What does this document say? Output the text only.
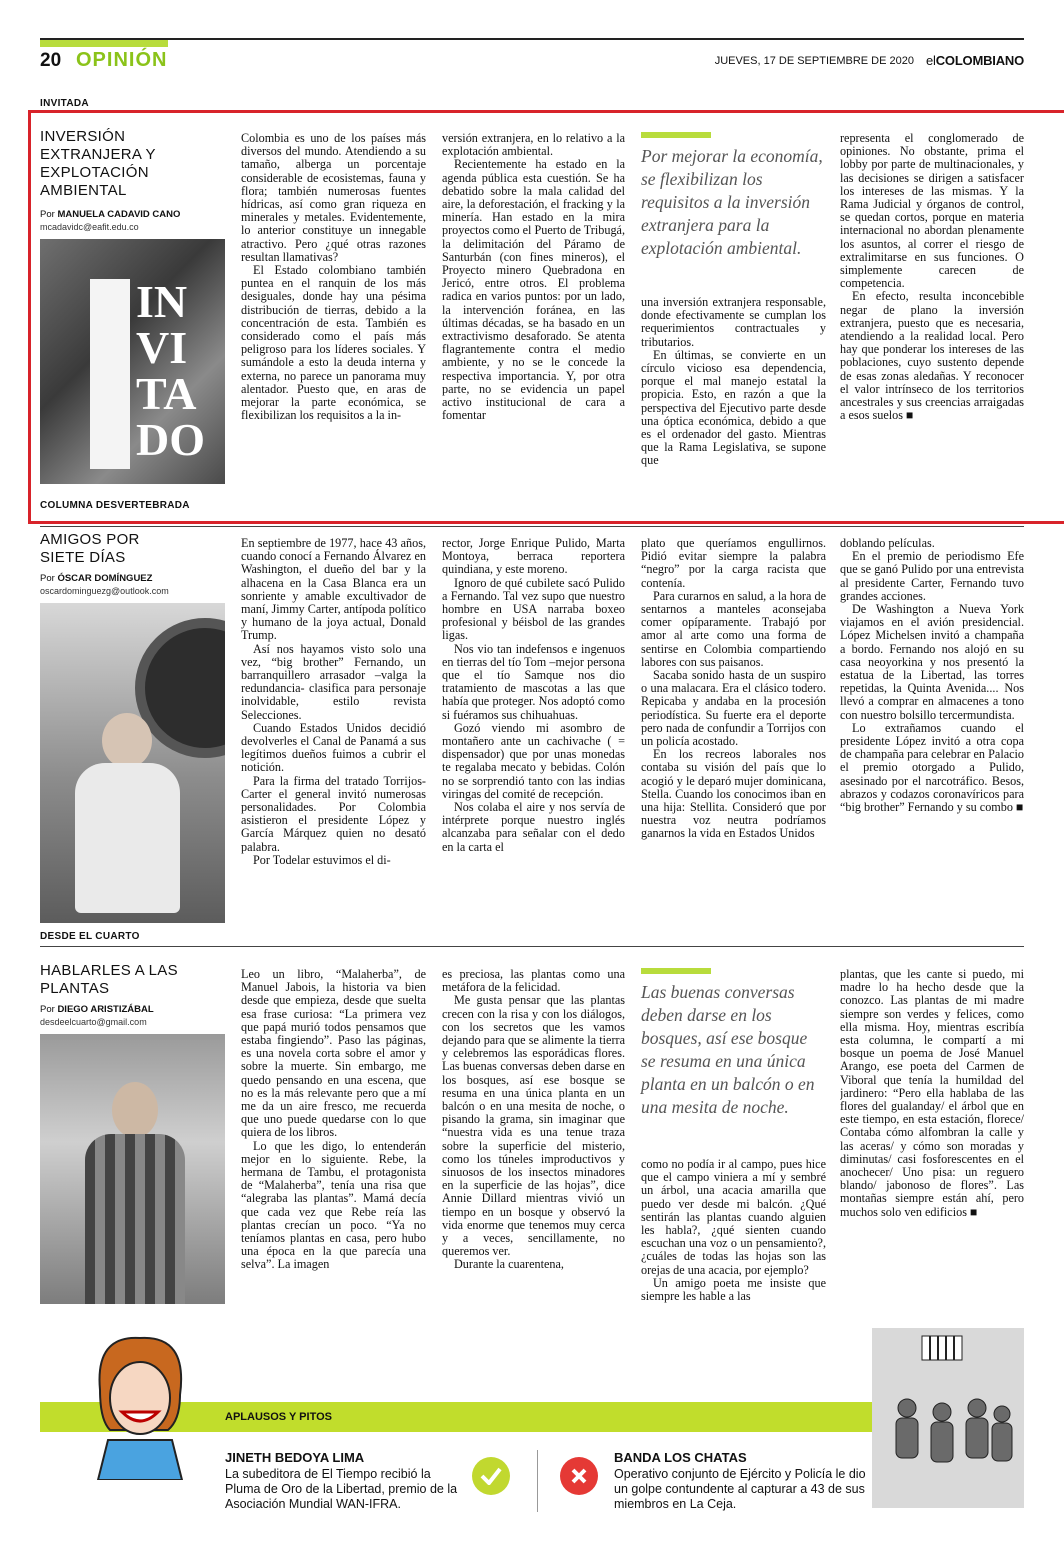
20 OPINIÓN	JUEVES, 17 DE SEPTIEMBRE DE 2020 elCOLOMBIANO
INVITADA
INVERSIÓN EXTRANJERA Y EXPLOTACIÓN AMBIENTAL
Por MANUELA CADAVID CANO
mcadavidc@eafit.edu.co
IN VI TA DO
COLUMNA DESVERTEBRADA

Colombia es uno de los países más diversos del mundo. Atendiendo a su tamaño, alberga un porcentaje considerable de ecosistemas, fauna y flora; también numerosas fuentes hídricas, así como gran riqueza en minerales y metales. Evidentemente, lo anterior constituye un innegable atractivo. Pero ¿qué otras razones resultan llamativas?

El Estado colombiano también puntea en el ranquin de los más desiguales, donde hay una pésima distribución de tierras, debido a la concentración de esta. También es considerado como el país más peligroso para los líderes sociales. Y sumándole a esto la deuda interna y externa, no parece un panorama muy alentador. Puesto que, en aras de mejorar la parte económica, se flexibilizan los requisitos a la in-

versión extranjera, en lo relativo a la explotación ambiental.

Recientemente ha estado en la agenda pública esta cuestión. Se ha debatido sobre la mala calidad del aire, la deforestación, el fracking y la minería. Han estado en la mira proyectos como el Puerto de Tribugá, la delimitación del Páramo de Santurbán (con fines mineros), el Proyecto minero Quebradona en Jericó, entre otros. El problema radica en varios puntos: por un lado, la intervención foránea, en las últimas décadas, se ha basado en un extractivismo desaforado. Se atenta flagrantemente contra el medio ambiente, y no se le concede la respectiva importancia. Y, por otra parte, no se evidencia un papel activo institucional de cara a fomentar

Por mejorar la economía, se flexibilizan los requisitos a la inversión extranjera para la explotación ambiental.

una inversión extranjera responsable, donde efectivamente se cumplan los requerimientos contractuales y tributarios.

En últimas, se convierte en un círculo vicioso esa dependencia, porque el mal manejo estatal la propicia. Esto, en razón a que la perspectiva del Ejecutivo parte desde una óptica económica, debido a que es el ordenador del gasto. Mientras que la Rama Legislativa, se supone que

representa el conglomerado de opiniones. No obstante, prima el lobby por parte de multinacionales, y las decisiones se dirigen a satisfacer los intereses de las mismas. Y la Rama Judicial y órganos de control, se quedan cortos, porque en materia internacional no abordan plenamente los asuntos, al correr el riesgo de extralimitarse en sus funciones. O simplemente carecen de competencia.

En efecto, resulta inconcebible negar de plano la inversión extranjera, puesto que es necesaria, atendiendo a la realidad local. Pero hay que ponderar los intereses de las poblaciones, cuyo sustento depende de esas zonas aledañas. Y reconocer el valor intrínseco de los territorios ancestrales y sus creencias arraigadas a esos suelos ■

AMIGOS POR SIETE DÍAS
Por ÓSCAR DOMÍNGUEZ
oscardominguezg@outlook.com
DESDE EL CUARTO

En septiembre de 1977, hace 43 años, cuando conocí a Fernando Álvarez en Washington, el dueño del bar y la alhacena en la Casa Blanca era un sonriente y amable excultivador de maní, Jimmy Carter, antípoda político y humano de la joya actual, Donald Trump.

Así nos hayamos visto solo una vez, “big brother” Fernando, un barranquillero arrasador –valga la redundancia- clasifica para personaje inolvidable, estilo revista Selecciones.

Cuando Estados Unidos decidió devolverles el Canal de Panamá a sus legítimos dueños fuimos a cubrir el notición.

Para la firma del tratado Torrijos-Carter el general invitó numerosas personalidades. Por Colombia asistieron el presidente López y García Márquez quien no desató palabra.

Por Todelar estuvimos el di-

rector, Jorge Enrique Pulido, Marta Montoya, berraca reportera quindiana, y este moreno.

Ignoro de qué cubilete sacó Pulido a Fernando. Tal vez supo que nuestro hombre en USA narraba boxeo profesional y béisbol de las grandes ligas.

Nos vio tan indefensos e ingenuos en tierras del tío Tom –mejor persona que el tío Samque nos dio tratamiento de mascotas a las que había que proteger. Nos adoptó como si fuéramos sus chihuahuas.

Gozó viendo mi asombro de montañero ante un cachivache ( = dispensador) que por unas monedas te regalaba mecato y bebidas. Colón no se sorprendió tanto con las indias viringas del comité de recepción.

Nos colaba el aire y nos servía de intérprete porque nuestro inglés alcanzaba para señalar con el dedo en la carta el

plato que queríamos engullirnos. Pidió evitar siempre la palabra “negro” por la carga racista que contenía.

Para curarnos en salud, a la hora de sentarnos a manteles aconsejaba comer opíparamente. Trabajó por amor al arte como una forma de sentirse en Colombia compartiendo labores con sus paisanos.

Sacaba sonido hasta de un suspiro o una malacara. Era el clásico todero. Repicaba y andaba en la procesión periodística. Su fuerte era el deporte pero nada de confundir a Torrijos con un policía acostado.

En los recreos laborales nos contaba su visión del país que lo acogió y le deparó mujer dominicana, Stella. Cuando los conocimos iban en una hija: Stellita. Consideró que por nuestra voz neutra podríamos ganarnos la vida en Estados Unidos

doblando películas.

En el premio de periodismo Efe que se ganó Pulido por una entrevista al presidente Carter, Fernando tuvo grandes acciones.

De Washington a Nueva York viajamos en el avión presidencial. López Michelsen invitó a champaña a bordo. Fernando nos alojó en su casa neoyorkina y nos presentó la estatua de la Libertad, las torres repetidas, la Quinta Avenida.... Nos llevó a comprar en almacenes a tono con nuestro bolsillo tercermundista.

Lo extrañamos cuando el presidente López invitó a otra copa de champaña para celebrar en Palacio el premio otorgado a Pulido, asesinado por el narcotráfico. Besos, abrazos y codazos coronavíricos para “big brother” Fernando y su combo ■

HABLARLES A LAS PLANTAS
Por DIEGO ARISTIZÁBAL
desdeelcuarto@gmail.com

Leo un libro, “Malaherba”, de Manuel Jabois, la historia va bien desde que empieza, desde que suelta esa frase curiosa: “La primera vez que papá murió todos pensamos que estaba fingiendo”. Paso las páginas, es una novela corta sobre el amor y sobre la muerte. Sin embargo, me quedo pensando en una escena, que no es la más relevante pero que a mí me da un aire fresco, me recuerda que uno puede quedarse con lo que quiera de los libros.

Lo que les digo, lo entenderán mejor en lo siguiente. Rebe, la hermana de Tambu, el protagonista de “Malaherba”, tenía una risa que “alegraba las plantas”. Mamá decía que cada vez que Rebe reía las plantas crecían un poco. “Ya no teníamos plantas en casa, pero hubo una época en la que parecía una selva”. La imagen

es preciosa, las plantas como una metáfora de la felicidad.

Me gusta pensar que las plantas crecen con la risa y con los diálogos, con los secretos que les vamos dejando para que se alimente la tierra y celebremos las esporádicas flores. Las buenas conversas deben darse en los bosques, así ese bosque se resuma en una única planta en un balcón o en una mesita de noche, o pisando la grama, sin imaginar que “nuestra vida es una tenue traza sobre la superficie del misterio, como los túneles improductivos y sinuosos de los insectos minadores en la superficie de las hojas”, dice Annie Dillard mientras vivió un tiempo en un bosque y observó la vida enorme que tenemos muy cerca y a veces, sencillamente, no queremos ver.

Durante la cuarentena,

Las buenas conversas deben darse en los bosques, así ese bosque se resuma en una única planta en un balcón o en una mesita de noche.

como no podía ir al campo, pues hice que el campo viniera a mí y sembré un árbol, una acacia amarilla que puedo ver desde mi balcón. ¿Qué sentirán las plantas cuando alguien les habla?, ¿qué sienten cuando escuchan una voz o un pensamiento?, ¿cuáles de todas las hojas son las orejas de una acacia, por ejemplo?

Un amigo poeta me insiste que siempre les hable a las

plantas, que les cante si puedo, mi madre lo ha hecho desde que la conozco. Las plantas de mi madre siempre son verdes y felices, como ella misma. Hoy, mientras escribía esta columna, le compartí a mi bosque un poema de José Manuel Arango, ese poeta del Carmen de Viboral que tenía la humildad del jardinero: “Pero ella hablaba de las flores del gualanday/ el árbol que en este tiempo, en esta estación, florece/ Contaba cómo alfombran la calle y las aceras/ y cómo son moradas y diminutas/ casi fosforescentes en el anochecer/ Uno pisa: un reguero blando/ jabonoso de flores”. Las montañas siempre están ahí, pero muchos solo ven edificios ■

APLAUSOS Y PITOS
JINETH BEDOYA LIMA
La subeditora de El Tiempo recibió la Pluma de Oro de la Libertad, premio de la Asociación Mundial WAN-IFRA.
BANDA LOS CHATAS
Operativo conjunto de Ejército y Policía le dio un golpe contundente al capturar a 43 de sus miembros en La Ceja.
